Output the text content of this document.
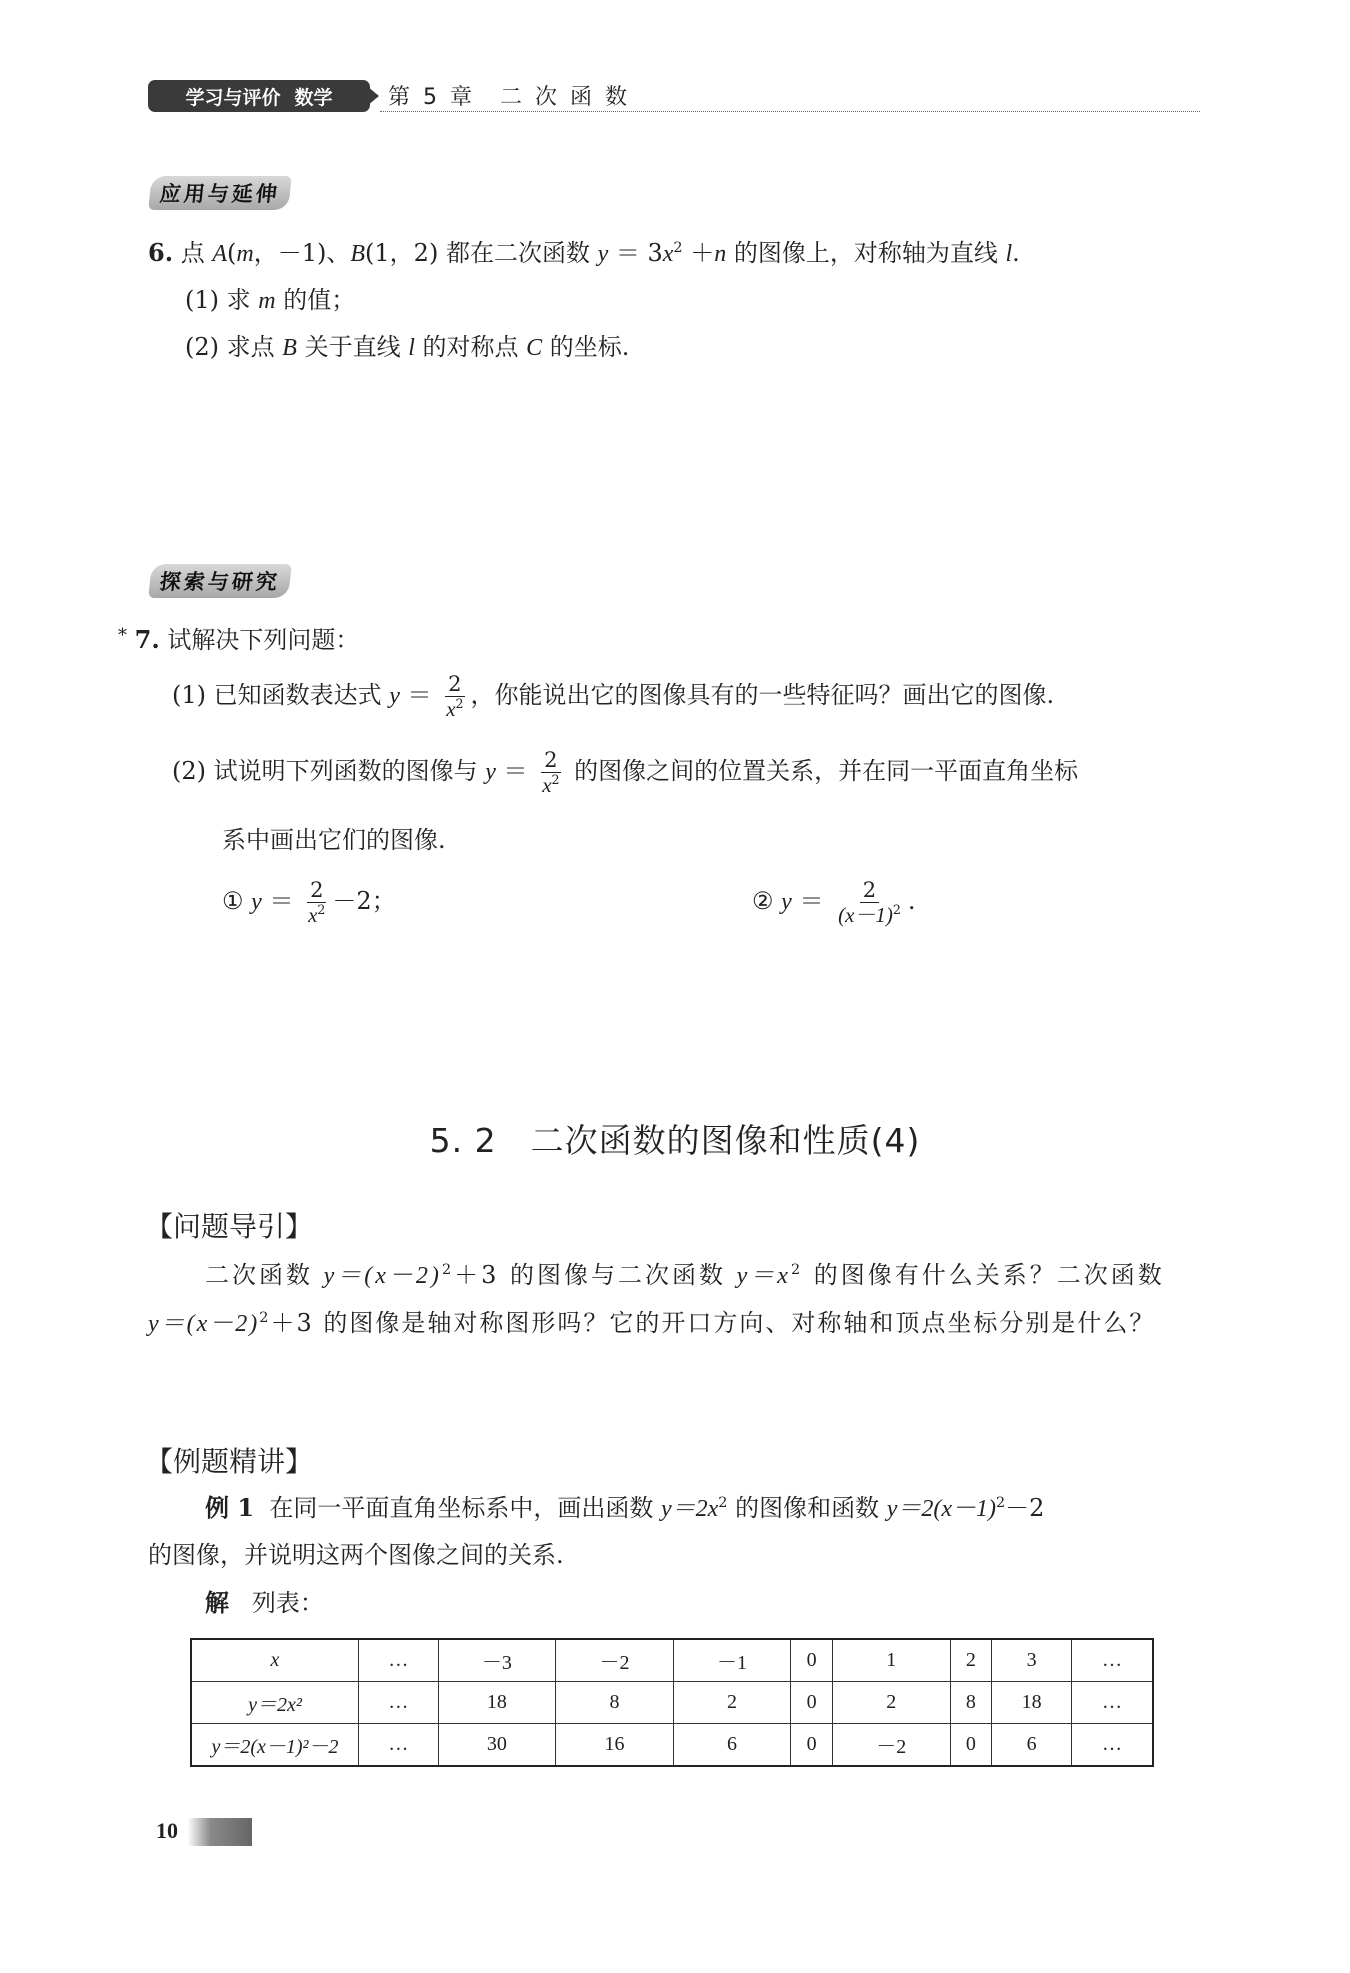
学习与评价 数学	第 5 章　二 次 函 数
应用与延伸
6. 点 A(m，－1)、B(1，2) 都在二次函数 $y = 3x^2 +n$ 的图像上，对称轴为直线 l.
(1) 求 m 的值；
(2) 求点 B 关于直线 l 的对称点 C 的坐标.
探索与研究
* 7. 试解决下列问题：
(1) 已知函数表达式 $y = \frac{2}{x^2}$ ，你能说出它的图像具有的一些特征吗？画出它的图像.
(2) 试说明下列函数的图像与 $y = \frac{2}{x^2}$ 的图像之间的位置关系，并在同一平面直角坐标
系中画出它们的图像.
① $y = \frac{2}{x^2} -2$；	② $y = \frac{2}{(x-1)^2}$ .
5. 2　二次函数的图像和性质(4)
【问题导引】
二次函数 $y=(x-2)^2+3$ 的图像与二次函数 $y=x^2$ 的图像有什么关系？二次函数
$y=(x-2)^2+3$ 的图像是轴对称图形吗？它的开口方向、对称轴和顶点坐标分别是什么？
【例题精讲】
例 1 在同一平面直角坐标系中，画出函数 $y=2x^2$ 的图像和函数 $y=2(x-1)^2-2$
的图像，并说明这两个图像之间的关系.
解 列表：
x	…	－3	－2	－1	0	1	2	3	…
y＝2x²	…	18	8	2	0	2	8	18	…
y＝2(x－1)²－2	…	30	16	6	0	－2	0	6	…
10
